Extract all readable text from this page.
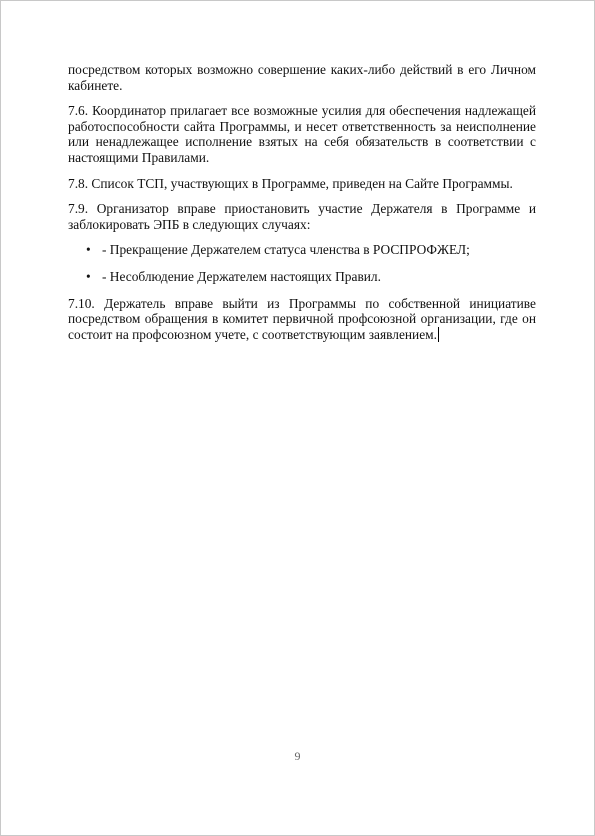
посредством которых возможно совершение каких-либо действий в его Личном кабинете.

7.6. Координатор прилагает все возможные усилия для обеспечения надлежащей работоспособности сайта Программы, и несет ответственность за неисполнение или ненадлежащее исполнение взятых на себя обязательств в соответствии с настоящими Правилами.

7.8. Список ТСП, участвующих в Программе, приведен на Сайте Программы.

7.9. Организатор вправе приостановить участие Держателя в Программе и заблокировать ЭПБ в следующих случаях:

• - Прекращение Держателем статуса членства в РОСПРОФЖЕЛ;
• - Несоблюдение Держателем настоящих Правил.

7.10. Держатель вправе выйти из Программы по собственной инициативе посредством обращения в комитет первичной профсоюзной организации, где он состоит на профсоюзном учете, с соответствующим заявлением.

9
